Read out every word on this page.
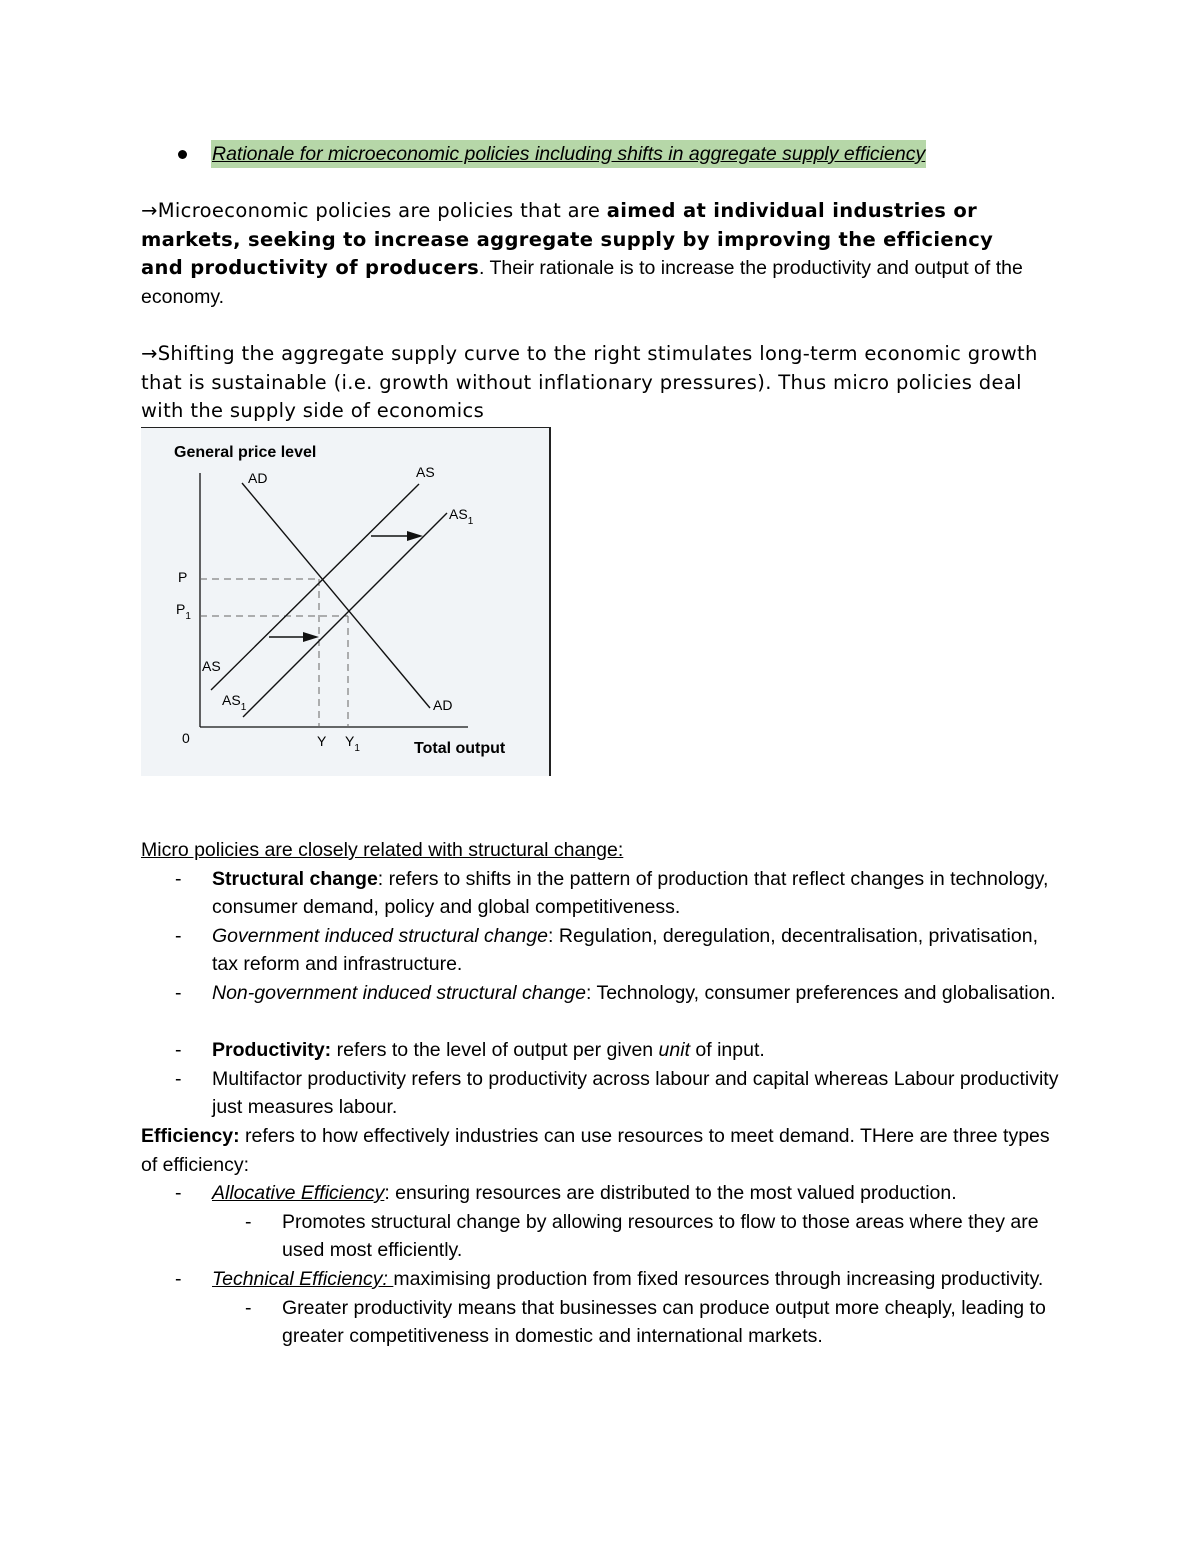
Rationale for microeconomic policies including shifts in aggregate supply efficiency

→Microeconomic policies are policies that are aimed at individual industries or markets, seeking to increase aggregate supply by improving the efficiency and productivity of producers. Their rationale is to increase the productivity and output of the economy.

→Shifting the aggregate supply curve to the right stimulates long-term economic growth that is sustainable (i.e. growth without inflationary pressures). Thus micro policies deal with the supply side of economics

General price level
AD	AS
$AS_1$
AS
$AS_1$	AD
P
$P_1$
0	Y $Y_1$	Total output
Micro policies are closely related with structural change:
- Structural change: refers to shifts in the pattern of production that reflect changes in technology, consumer demand, policy and global competitiveness.
- Government induced structural change: Regulation, deregulation, decentralisation, privatisation, tax reform and infrastructure.
- Non-government induced structural change: Technology, consumer preferences and globalisation.
- Productivity: refers to the level of output per given unit of input.
- Multifactor productivity refers to productivity across labour and capital whereas Labour productivity just measures labour.
Efficiency: refers to how effectively industries can use resources to meet demand. THere are three types of efficiency:
- Allocative Efficiency: ensuring resources are distributed to the most valued production.
- Promotes structural change by allowing resources to flow to those areas where they are used most efficiently.
- Technical Efficiency: maximising production from fixed resources through increasing productivity.
- Greater productivity means that businesses can produce output more cheaply, leading to greater competitiveness in domestic and international markets.
